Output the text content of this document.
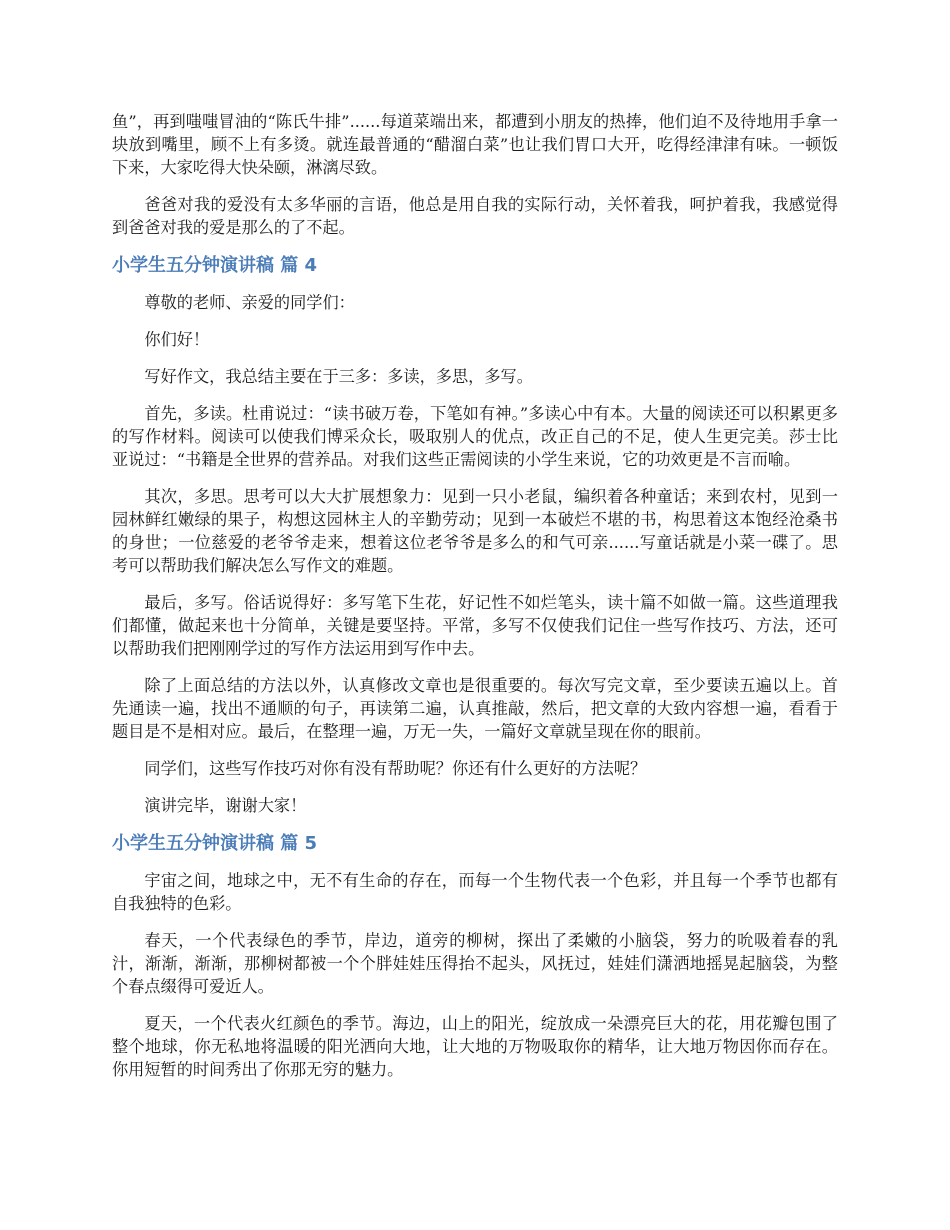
鱼”，再到嗤嗤冒油的“陈氏牛排”......每道菜端出来，都遭到小朋友的热捧，他们迫不及待地用手拿一块放到嘴里，顾不上有多烫。就连最普通的“醋溜白菜”也让我们胃口大开，吃得经津津有味。一顿饭下来，大家吃得大快朵颐，淋漓尽致。

爸爸对我的爱没有太多华丽的言语，他总是用自我的实际行动，关怀着我，呵护着我，我感觉得到爸爸对我的爱是那么的了不起。

小学生五分钟演讲稿 篇 4

尊敬的老师、亲爱的同学们：

你们好！

写好作文，我总结主要在于三多：多读，多思，多写。

首先，多读。杜甫说过：“读书破万卷，下笔如有神。”多读心中有本。大量的阅读还可以积累更多的写作材料。阅读可以使我们博采众长，吸取别人的优点，改正自己的不足，使人生更完美。莎士比亚说过：“书籍是全世界的营养品。对我们这些正需阅读的小学生来说，它的功效更是不言而喻。

其次，多思。思考可以大大扩展想象力：见到一只小老鼠，编织着各种童话；来到农村，见到一园林鲜红嫩绿的果子，构想这园林主人的辛勤劳动；见到一本破烂不堪的书，构思着这本饱经沧桑书的身世；一位慈爱的老爷爷走来，想着这位老爷爷是多么的和气可亲......写童话就是小菜一碟了。思考可以帮助我们解决怎么写作文的难题。

最后，多写。俗话说得好：多写笔下生花，好记性不如烂笔头，读十篇不如做一篇。这些道理我们都懂，做起来也十分简单，关键是要坚持。平常，多写不仅使我们记住一些写作技巧、方法，还可以帮助我们把刚刚学过的写作方法运用到写作中去。

除了上面总结的方法以外，认真修改文章也是很重要的。每次写完文章，至少要读五遍以上。首先通读一遍，找出不通顺的句子，再读第二遍，认真推敲，然后，把文章的大致内容想一遍，看看于题目是不是相对应。最后，在整理一遍，万无一失，一篇好文章就呈现在你的眼前。

同学们，这些写作技巧对你有没有帮助呢？你还有什么更好的方法呢？

演讲完毕，谢谢大家！

小学生五分钟演讲稿 篇 5

宇宙之间，地球之中，无不有生命的存在，而每一个生物代表一个色彩，并且每一个季节也都有自我独特的色彩。

春天，一个代表绿色的季节，岸边，道旁的柳树，探出了柔嫩的小脑袋，努力的吮吸着春的乳汁，渐渐，渐渐，那柳树都被一个个胖娃娃压得抬不起头，风抚过，娃娃们潇洒地摇晃起脑袋，为整个春点缀得可爱近人。

夏天，一个代表火红颜色的季节。海边，山上的阳光，绽放成一朵漂亮巨大的花，用花瓣包围了整个地球，你无私地将温暖的阳光洒向大地，让大地的万物吸取你的精华，让大地万物因你而存在。你用短暂的时间秀出了你那无穷的魅力。
